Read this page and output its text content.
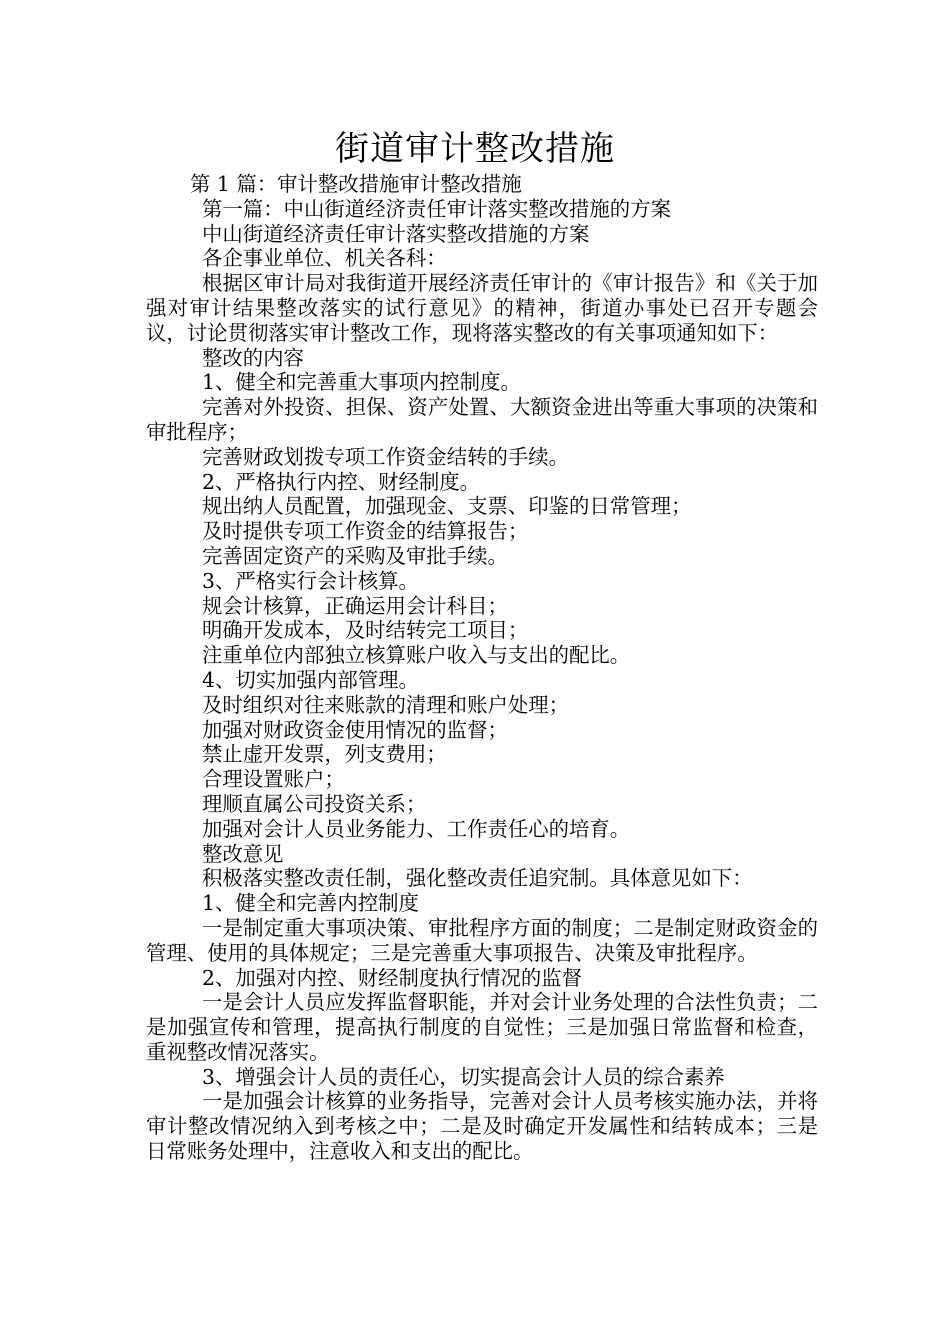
街道审计整改措施

第 1 篇：审计整改措施审计整改措施

第一篇：中山街道经济责任审计落实整改措施的方案

中山街道经济责任审计落实整改措施的方案

各企事业单位、机关各科：

根据区审计局对我街道开展经济责任审计的《审计报告》和《关于加强对审计结果整改落实的试行意见》的精神，街道办事处已召开专题会议，讨论贯彻落实审计整改工作，现将落实整改的有关事项通知如下：

整改的内容

1、健全和完善重大事项内控制度。

完善对外投资、担保、资产处置、大额资金进出等重大事项的决策和审批程序；

完善财政划拨专项工作资金结转的手续。

2、严格执行内控、财经制度。

规出纳人员配置，加强现金、支票、印鉴的日常管理；

及时提供专项工作资金的结算报告；

完善固定资产的采购及审批手续。

3、严格实行会计核算。

规会计核算，正确运用会计科目；

明确开发成本，及时结转完工项目；

注重单位内部独立核算账户收入与支出的配比。

4、切实加强内部管理。

及时组织对往来账款的清理和账户处理；

加强对财政资金使用情况的监督；

禁止虚开发票，列支费用；

合理设置账户；

理顺直属公司投资关系；

加强对会计人员业务能力、工作责任心的培育。

整改意见

积极落实整改责任制，强化整改责任追究制。具体意见如下：

1、健全和完善内控制度

一是制定重大事项决策、审批程序方面的制度；二是制定财政资金的管理、使用的具体规定；三是完善重大事项报告、决策及审批程序。

2、加强对内控、财经制度执行情况的监督

一是会计人员应发挥监督职能，并对会计业务处理的合法性负责；二是加强宣传和管理，提高执行制度的自觉性；三是加强日常监督和检查，重视整改情况落实。

3、增强会计人员的责任心，切实提高会计人员的综合素养

一是加强会计核算的业务指导，完善对会计人员考核实施办法，并将审计整改情况纳入到考核之中；二是及时确定开发属性和结转成本；三是日常账务处理中，注意收入和支出的配比。
